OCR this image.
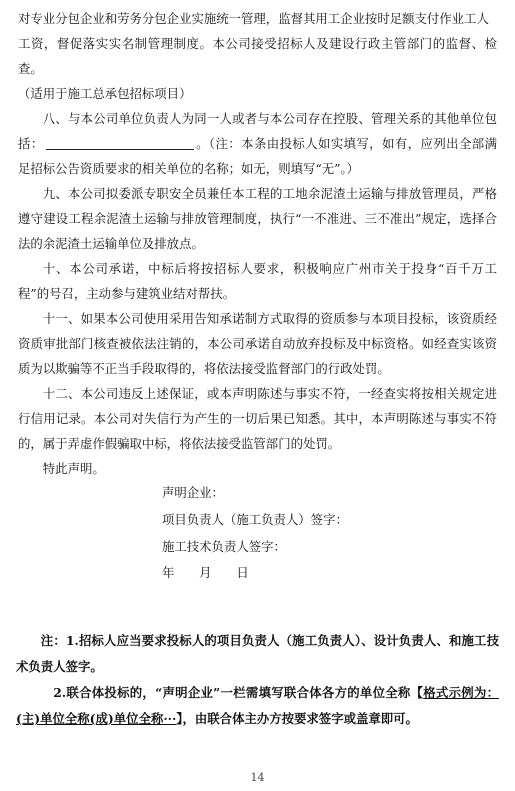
对专业分包企业和劳务分包企业实施统一管理，监督其用工企业按时足额支付作业工人

工资，督促落实实名制管理制度。本公司接受招标人及建设行政主管部门的监督、检查。

（适用于施工总承包招标项目）

八、与本公司单位负责人为同一人或者与本公司存在控股、管理关系的其他单位包括：	。（注：本条由投标人如实填写，如有，应列出全部满足招标公告资质要求的相关单位的名称；如无，则填写“无”。）

九、本公司拟委派专职安全员兼任本工程的工地余泥渣土运输与排放管理员，严格遵守建设工程余泥渣土运输与排放管理制度，执行“一不准进、三不准出”规定，选择合法的余泥渣土运输单位及排放点。

十、本公司承诺，中标后将按招标人要求，积极响应广州市关于投身“百千万工程”的号召，主动参与建筑业结对帮扶。

十一、如果本公司使用采用告知承诺制方式取得的资质参与本项目投标，该资质经资质审批部门核查被依法注销的，本公司承诺自动放弃投标及中标资格。如经查实该资质为以欺骗等不正当手段取得的，将依法接受监督部门的行政处罚。

十二、本公司违反上述保证，或本声明陈述与事实不符，一经查实将按相关规定进行信用记录。本公司对失信行为产生的一切后果已知悉。其中，本声明陈述与事实不符的，属于弄虚作假骗取中标，将依法接受监管部门的处罚。

特此声明。

声明企业：
项目负责人（施工负责人）签字：
施工技术负责人签字：
年　　月　　日

注：1.招标人应当要求投标人的项目负责人（施工负责人）、设计负责人、和施工技术负责人签字。

2.联合体投标的，“声明企业”一栏需填写联合体各方的单位全称【格式示例为：(主)单位全称(成)单位全称···】，由联合体主办方按要求签字或盖章即可。

14
